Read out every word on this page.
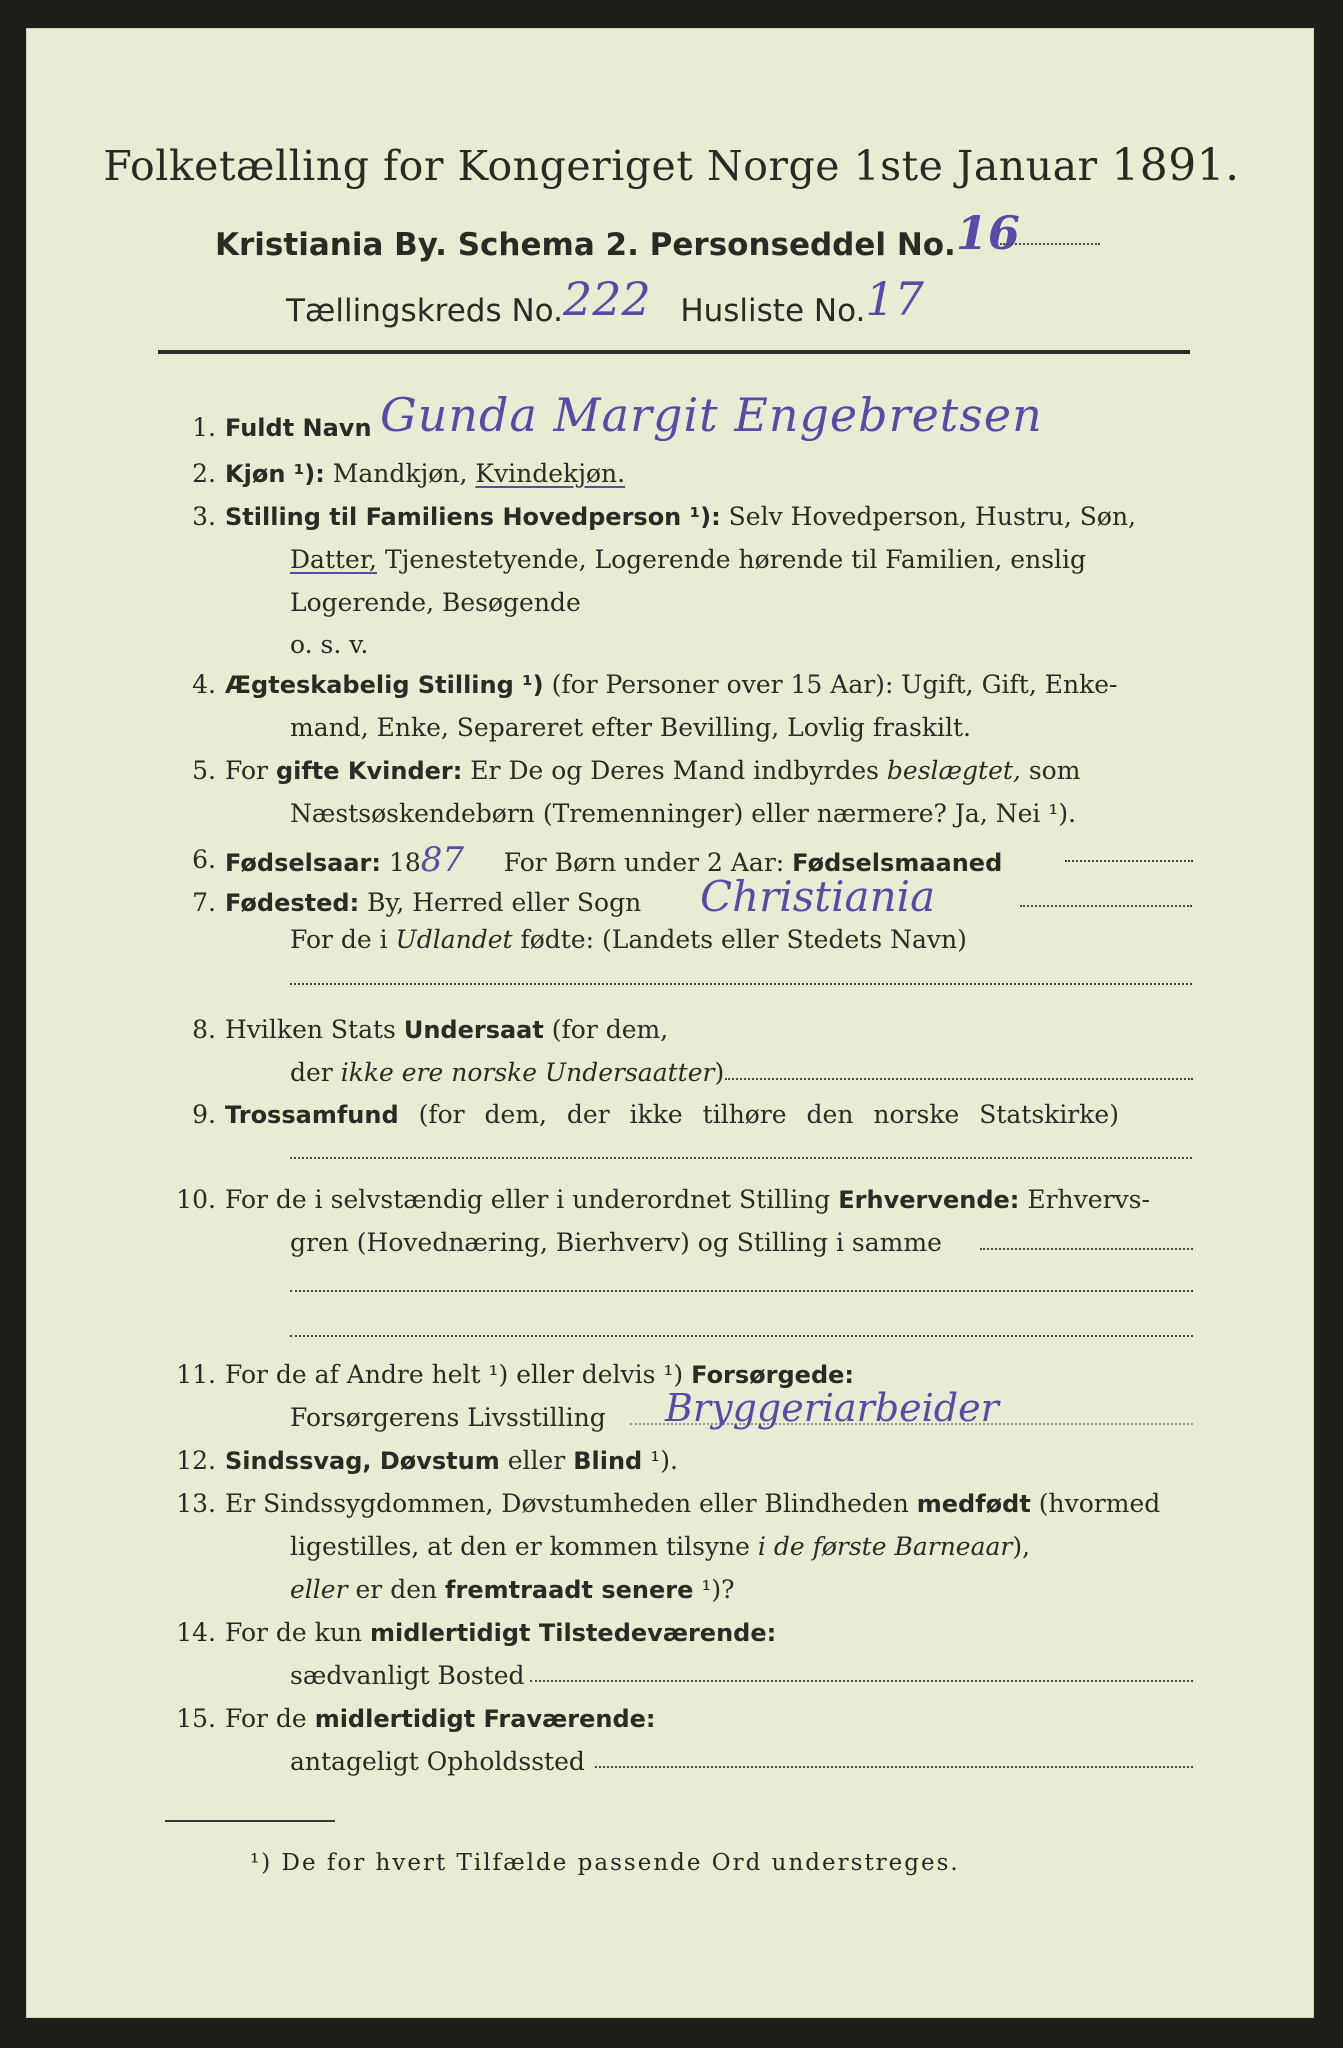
Folketælling for Kongeriget Norge 1ste Januar 1891.
Kristiania By. Schema 2. Personseddel No.16
Tællingskreds No.222 Husliste No.17
1. Fuldt Navn Gunda Margit Engebretsen
2. Kjøn ¹): Mandkjøn, Kvindekjøn.
3. Stilling til Familiens Hovedperson ¹): Selv Hovedperson, Hustru, Søn,
Datter, Tjenestetyende, Logerende hørende til Familien, enslig
Logerende, Besøgende
o. s. v.
4. Ægteskabelig Stilling ¹) (for Personer over 15 Aar): Ugift, Gift, Enke-
mand, Enke, Separeret efter Bevilling, Lovlig fraskilt.
5. For gifte Kvinder: Er De og Deres Mand indbyrdes beslægtet, som
Næstsøskendebørn (Tremenninger) eller nærmere? Ja, Nei ¹).
6. Fødselsaar: 1887 For Børn under 2 Aar: Fødselsmaaned
7. Fødested: By, Herred eller Sogn Christiania
For de i Udlandet fødte: (Landets eller Stedets Navn)
8. Hvilken Stats Undersaat (for dem,
der ikke ere norske Undersaatter)
9. Trossamfund (for dem, der ikke tilhøre den norske Statskirke)
10. For de i selvstændig eller i underordnet Stilling Erhvervende: Erhvervs-
gren (Hovednæring, Bierhverv) og Stilling i samme
11. For de af Andre helt ¹) eller delvis ¹) Forsørgede:
Forsørgerens Livsstilling Bryggeriarbeider
12. Sindssvag, Døvstum eller Blind ¹).
13. Er Sindssygdommen, Døvstumheden eller Blindheden medfødt (hvormed
ligestilles, at den er kommen tilsyne i de første Barneaar),
eller er den fremtraadt senere ¹)?
14. For de kun midlertidigt Tilstedeværende:
sædvanligt Bosted
15. For de midlertidigt Fraværende:
antageligt Opholdssted
¹) De for hvert Tilfælde passende Ord understreges.
